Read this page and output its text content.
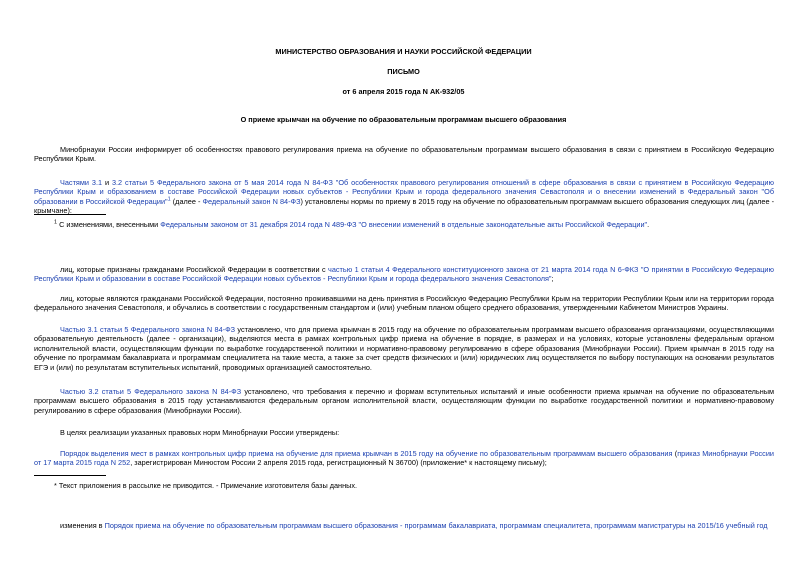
МИНИСТЕРСТВО ОБРАЗОВАНИЯ И НАУКИ РОССИЙСКОЙ ФЕДЕРАЦИИ
ПИСЬМО
от 6 апреля 2015 года N АК-932/05
О приеме крымчан на обучение по образовательным программам высшего образования
Минобрнауки России информирует об особенностях правового регулирования приема на обучение по образовательным программам высшего образования в связи с принятием в Российскую Федерацию Республики Крым.
Частями 3.1 и 3.2 статьи 5 Федерального закона от 5 мая 2014 года N 84-ФЗ "Об особенностях правового регулирования отношений в сфере образования в связи с принятием в Российскую Федерацию Республики Крым и образованием в составе Российской Федерации новых субъектов - Республики Крым и города федерального значения Севастополя и о внесении изменений в Федеральный закон "Об образовании в Российской Федерации"$^1$ (далее - Федеральный закон N 84-ФЗ) установлены нормы по приему в 2015 году на обучение по образовательным программам высшего образования следующих лиц (далее - крымчане):
$^1$ С изменениями, внесенными Федеральным законом от 31 декабря 2014 года N 489-ФЗ "О внесении изменений в отдельные законодательные акты Российской Федерации".
лиц, которые признаны гражданами Российской Федерации в соответствии с частью 1 статьи 4 Федерального конституционного закона от 21 марта 2014 года N 6-ФКЗ "О принятии в Российскую Федерацию Республики Крым и образовании в составе Российской Федерации новых субъектов - Республики Крым и города федерального значения Севастополя";
лиц, которые являются гражданами Российской Федерации, постоянно проживавшими на день принятия в Российскую Федерацию Республики Крым на территории Республики Крым или на территории города федерального значения Севастополя, и обучались в соответствии с государственным стандартом и (или) учебным планом общего среднего образования, утвержденными Кабинетом Министров Украины.
Частью 3.1 статьи 5 Федерального закона N 84-ФЗ установлено, что для приема крымчан в 2015 году на обучение по образовательным программам высшего образования организациями, осуществляющими образовательную деятельность (далее - организации), выделяются места в рамках контрольных цифр приема на обучение в порядке, в размерах и на условиях, которые установлены федеральным органом исполнительной власти, осуществляющим функции по выработке государственной политики и нормативно-правовому регулированию в сфере образования (Минобрнауки России). Прием крымчан в 2015 году на обучение по программам бакалавриата и программам специалитета на такие места, а также за счет средств физических и (или) юридических лиц осуществляется по выбору поступающих на основании результатов ЕГЭ и (или) по результатам вступительных испытаний, проводимых организацией самостоятельно.
Частью 3.2 статьи 5 Федерального закона N 84-ФЗ установлено, что требования к перечню и формам вступительных испытаний и иные особенности приема крымчан на обучение по образовательным программам высшего образования в 2015 году устанавливаются федеральным органом исполнительной власти, осуществляющим функции по выработке государственной политики и нормативно-правовому регулированию в сфере образования (Минобрнауки России).
В целях реализации указанных правовых норм Минобрнауки России утверждены:
Порядок выделения мест в рамках контрольных цифр приема на обучение для приема крымчан в 2015 году на обучение по образовательным программам высшего образования (приказ Минобрнауки России от 17 марта 2015 года N 252, зарегистрирован Минюстом России 2 апреля 2015 года, регистрационный N 36700) (приложение* к настоящему письму);
* Текст приложения в рассылке не приводится. - Примечание изготовителя базы данных.
изменения в Порядок приема на обучение по образовательным программам высшего образования - программам бакалавриата, программам специалитета, программам магистратуры на 2015/16 учебный год
